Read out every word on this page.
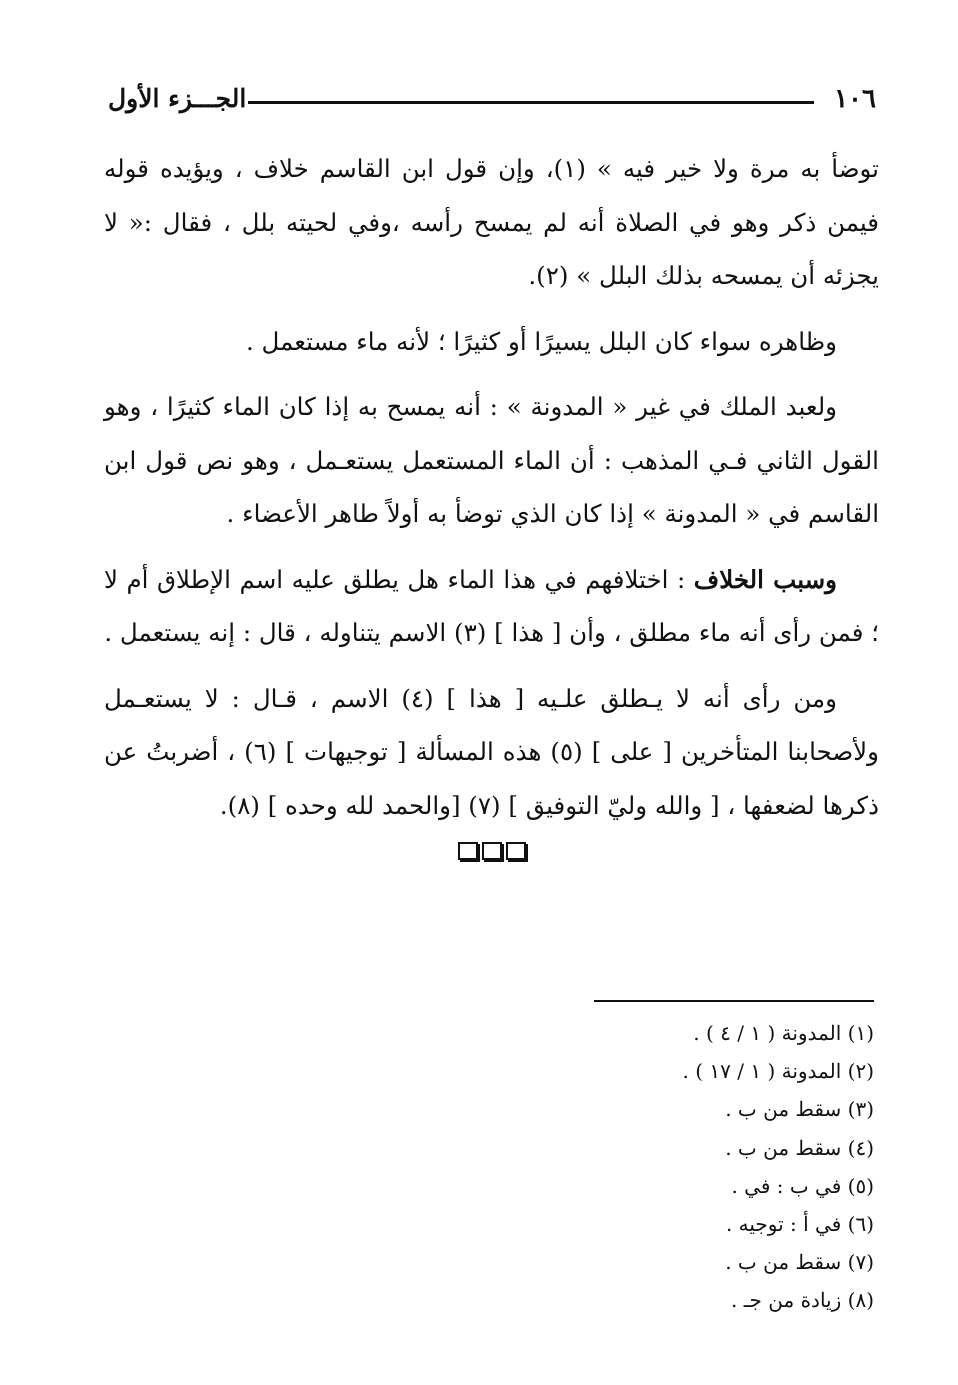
١٠٦
الجـــزء الأول

توضأ به مرة ولا خير فيه » (١)، وإن قول ابن القاسم خلاف ، ويؤيده قوله فيمن ذكر وهو في الصلاة أنه لم يمسح رأسه ،وفي لحيته بلل ، فقال :« لا يجزئه أن يمسحه بذلك البلل » (٢).

وظاهره سواء كان البلل يسيرًا أو كثيرًا ؛ لأنه ماء مستعمل .

ولعبد الملك في غير « المدونة » : أنه يمسح به إذا كان الماء كثيرًا ، وهو القول الثاني فـي المذهب : أن الماء المستعمل يستعـمل ، وهو نص قول ابن القاسم في « المدونة » إذا كان الذي توضأ به أولاً طاهر الأعضاء .

وسبب الخلاف : اختلافهم في هذا الماء هل يطلق عليه اسم الإطلاق أم لا ؛ فمن رأى أنه ماء مطلق ، وأن [ هذا ] (٣) الاسم يتناوله ، قال : إنه يستعمل .

ومن رأى أنه لا يـطلق علـيه [ هذا ] (٤) الاسم ، قـال : لا يستعـمل ولأصحابنا المتأخرين [ على ] (٥) هذه المسألة [ توجيهات ] (٦) ، أضربتُ عن ذكرها لضعفها ، [ والله وليّ التوفيق ] (٧) [والحمد لله وحده ] (٨).

(١) المدونة ( ١ / ٤ ) .
(٢) المدونة ( ١ / ١٧ ) .
(٣) سقط من ب .
(٤) سقط من ب .
(٥) في ب : في .
(٦) في أ : توجيه .
(٧) سقط من ب .
(٨) زيادة من جـ .
